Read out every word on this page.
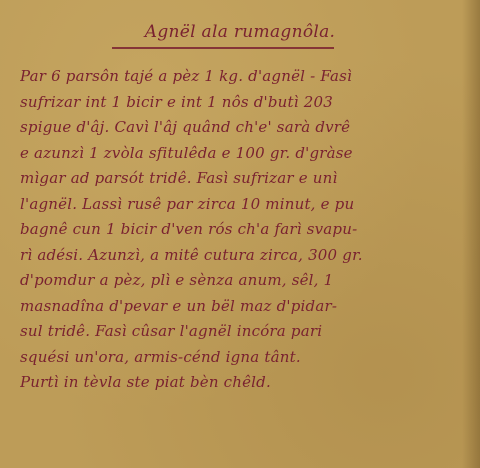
Agnël ala rumagnôla.
Par 6 parsôn tajé a pèz 1 kg. d'agnël - Fasì
sufrizar int 1 bicir e int 1 nôs d'butì 203
spigue d'âj. Cavì l'âj quând ch'e' sarà dvrê
e azunzì 1 zvòla sfitulêda e 100 gr. d'gràse
mìgar ad parsót tridê. Fasì sufrizar e unì
l'agnël. Lassì rusê par zirca 10 minut, e pu
bagnê cun 1 bicir d'ven rós ch'a farì svapu-
rì adési. Azunzì, a mitê cutura zirca, 300 gr.
d'pomdur a pèz, plì e sènza anum, sêl, 1
masnadîna d'pevar e un bël maz d'pidar-
sul tridê. Fasì cûsar l'agnël incóra pari
squési un'ora, armis-cénd igna tânt.
Purtì in tèvla ste piat bèn chêld.
